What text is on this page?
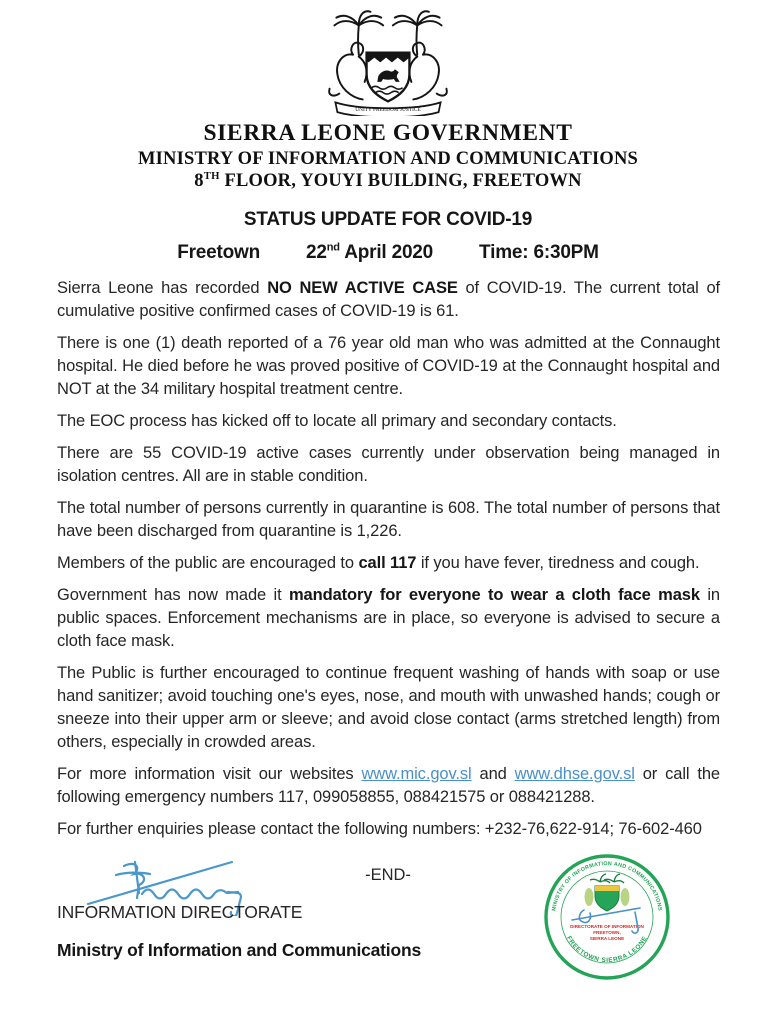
UNITY FREEDOM JUSTICE
SIERRA LEONE GOVERNMENT
MINISTRY OF INFORMATION AND COMMUNICATIONS
8TH FLOOR, YOUYI BUILDING, FREETOWN
STATUS UPDATE FOR COVID-19
Freetown 22nd April 2020 Time: 6:30PM

Sierra Leone has recorded NO NEW ACTIVE CASE of COVID-19. The current total of cumulative positive confirmed cases of COVID-19 is 61.

There is one (1) death reported of a 76 year old man who was admitted at the Connaught hospital. He died before he was proved positive of COVID-19 at the Connaught hospital and NOT at the 34 military hospital treatment centre.

The EOC process has kicked off to locate all primary and secondary contacts.

There are 55 COVID-19 active cases currently under observation being managed in isolation centres. All are in stable condition.

The total number of persons currently in quarantine is 608. The total number of persons that have been discharged from quarantine is 1,226.

Members of the public are encouraged to call 117 if you have fever, tiredness and cough.

Government has now made it mandatory for everyone to wear a cloth face mask in public spaces. Enforcement mechanisms are in place, so everyone is advised to secure a cloth face mask.

The Public is further encouraged to continue frequent washing of hands with soap or use hand sanitizer; avoid touching one's eyes, nose, and mouth with unwashed hands; cough or sneeze into their upper arm or sleeve; and avoid close contact (arms stretched length) from others, especially in crowded areas.

For more information visit our websites www.mic.gov.sl and www.dhse.gov.sl or call the following emergency numbers 117, 099058855, 088421575 or 088421288.

For further enquiries please contact the following numbers: +232-76,622-914; 76-602-460

-END-
INFORMATION DIRECTORATE
Ministry of Information and Communications
MINISTRY OF INFORMATION AND COMMUNICATIONS
FREETOWN SIERRA LEONE
DIRECTORATE OF INFORMATION
FREETOWN,
SIERRA LEONE
